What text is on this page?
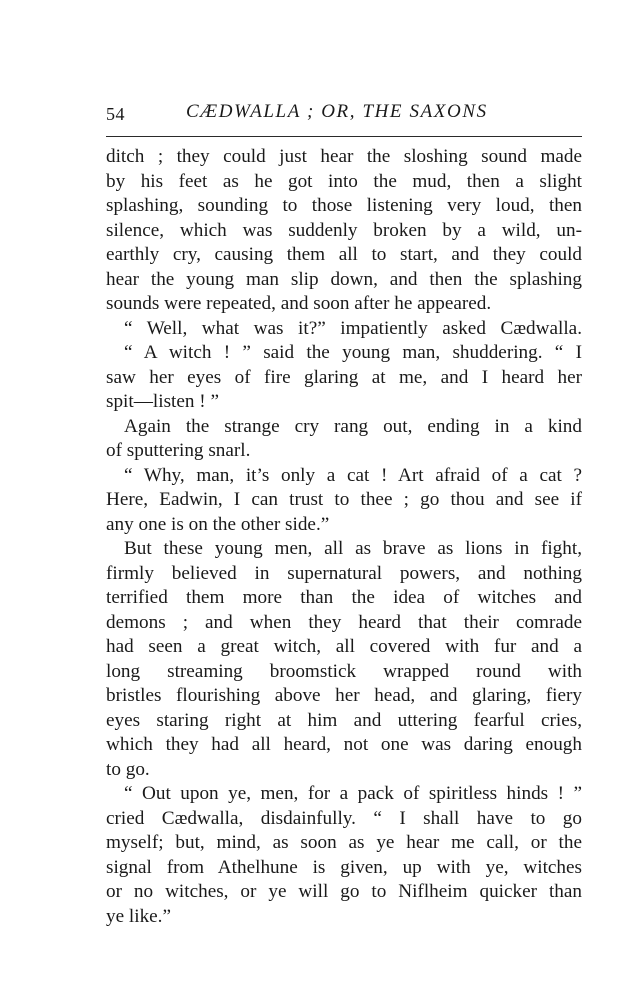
54	CÆDWALLA ; OR, THE SAXONS
ditch ; they could just hear the sloshing sound made
by his feet as he got into the mud, then a slight
splashing, sounding to those listening very loud, then
silence, which was suddenly broken by a wild, un-
earthly cry, causing them all to start, and they could
hear the young man slip down, and then the splashing
sounds were repeated, and soon after he appeared.
“ Well, what was it?” impatiently asked Cædwalla.
“ A witch ! ” said the young man, shuddering. “ I
saw her eyes of fire glaring at me, and I heard her
spit—listen ! ”
Again the strange cry rang out, ending in a kind
of sputtering snarl.
“ Why, man, it’s only a cat ! Art afraid of a cat ?
Here, Eadwin, I can trust to thee ; go thou and see if
any one is on the other side.”
But these young men, all as brave as lions in fight,
firmly believed in supernatural powers, and nothing
terrified them more than the idea of witches and
demons ; and when they heard that their comrade
had seen a great witch, all covered with fur and a
long streaming broomstick wrapped round with
bristles flourishing above her head, and glaring, fiery
eyes staring right at him and uttering fearful cries,
which they had all heard, not one was daring enough
to go.
“ Out upon ye, men, for a pack of spiritless hinds ! ”
cried Cædwalla, disdainfully. “ I shall have to go
myself; but, mind, as soon as ye hear me call, or the
signal from Athelhune is given, up with ye, witches
or no witches, or ye will go to Niflheim quicker than
ye like.”
